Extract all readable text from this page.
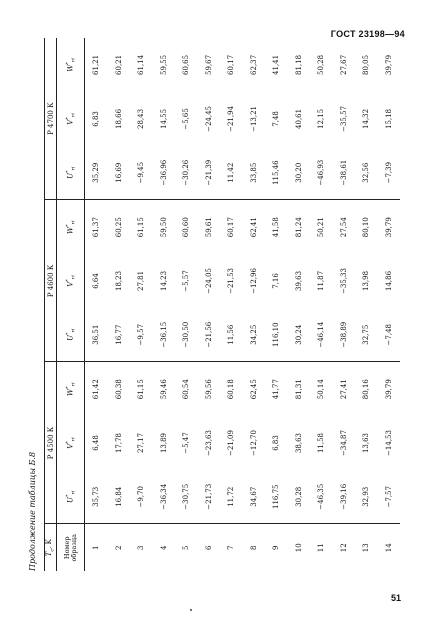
ГОСТ 23198—94
Продолжение таблицы Б.8	$T_c$, K	Р 4500 К			Р 4600 К			Р 4700 К		

Номер образца	$U^*_{ri}$	$V^*_{ri}$	$W^*_{ri}$	$U^*_{ri}$	$V^*_{ri}$	$W^*_{ri}$	$U^*_{ri}$	$V^*_{ri}$	$W^*_{ri}$
1	35,73	6,48	61,42	36,51	6,64	61,37	35,29	6,83	61,21
2	16,84	17,78	60,38	16,77	18,23	60,25	16,69	18,66	60,21
3	−9,70	27,17	61,15	−9,57	27,81	61,15	−9,45	28,43	61,14
4	−36,34	13,89	59,46	−36,15	14,23	59,50	−36,96	14,55	59,55
5	−30,75	−5,47	60,54	−30,50	−5,57	60,60	−30,26	−5,65	60,65
6	−21,73	−23,63	59,56	−21,56	−24,05	59,61	−21,39	−24,45	59,67
7	11,72	−21,09	60,18	11,56	−21,53	60,17	11,42	−21,94	60,17
8	34,67	−12,70	62,45	34,25	−12,96	62,41	33,85	−13,21	62,37
9	116,75	6,83	41,77	116,10	7,16	41,58	115,46	7,48	41,41
10	30,28	38,63	81,31	30,24	39,63	81,24	30,20	40,61	81,18
11	−46,35	11,58	50,14	−46,14	11,87	50,21	−46,93	12,15	50,28
12	−39,16	−34,87	27,41	−38,89	−35,33	27,54	−38,61	−35,57	27,67
13	32,93	13,63	80,16	32,75	13,98	80,10	32,56	14,32	80,05
14	−7,57	−14,53	39,79	−7,48	14,86	39,79	−7,39	15,18	39,79
51
